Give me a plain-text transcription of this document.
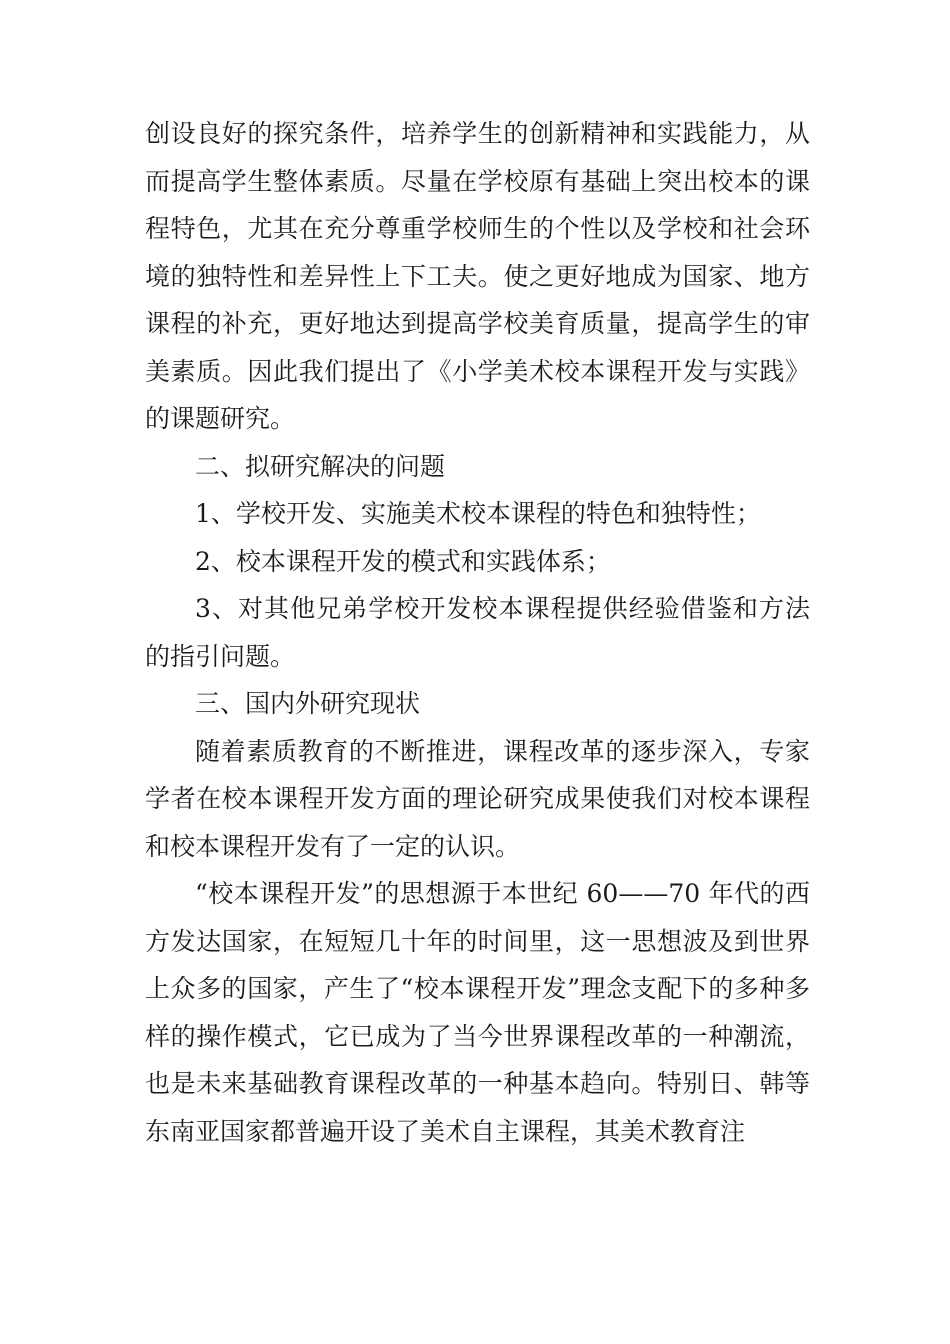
创设良好的探究条件，培养学生的创新精神和实践能力，从而提高学生整体素质。尽量在学校原有基础上突出校本的课程特色，尤其在充分尊重学校师生的个性以及学校和社会环境的独特性和差异性上下工夫。使之更好地成为国家、地方课程的补充，更好地达到提高学校美育质量，提高学生的审美素质。因此我们提出了《小学美术校本课程开发与实践》的课题研究。

二、拟研究解决的问题

1、学校开发、实施美术校本课程的特色和独特性；

2、校本课程开发的模式和实践体系；

3、对其他兄弟学校开发校本课程提供经验借鉴和方法的指引问题。

三、国内外研究现状

随着素质教育的不断推进，课程改革的逐步深入，专家学者在校本课程开发方面的理论研究成果使我们对校本课程和校本课程开发有了一定的认识。

“校本课程开发”的思想源于本世纪 60——70 年代的西方发达国家，在短短几十年的时间里，这一思想波及到世界上众多的国家，产生了“校本课程开发”理念支配下的多种多样的操作模式，它已成为了当今世界课程改革的一种潮流，也是未来基础教育课程改革的一种基本趋向。特别日、韩等东南亚国家都普遍开设了美术自主课程，其美术教育注
